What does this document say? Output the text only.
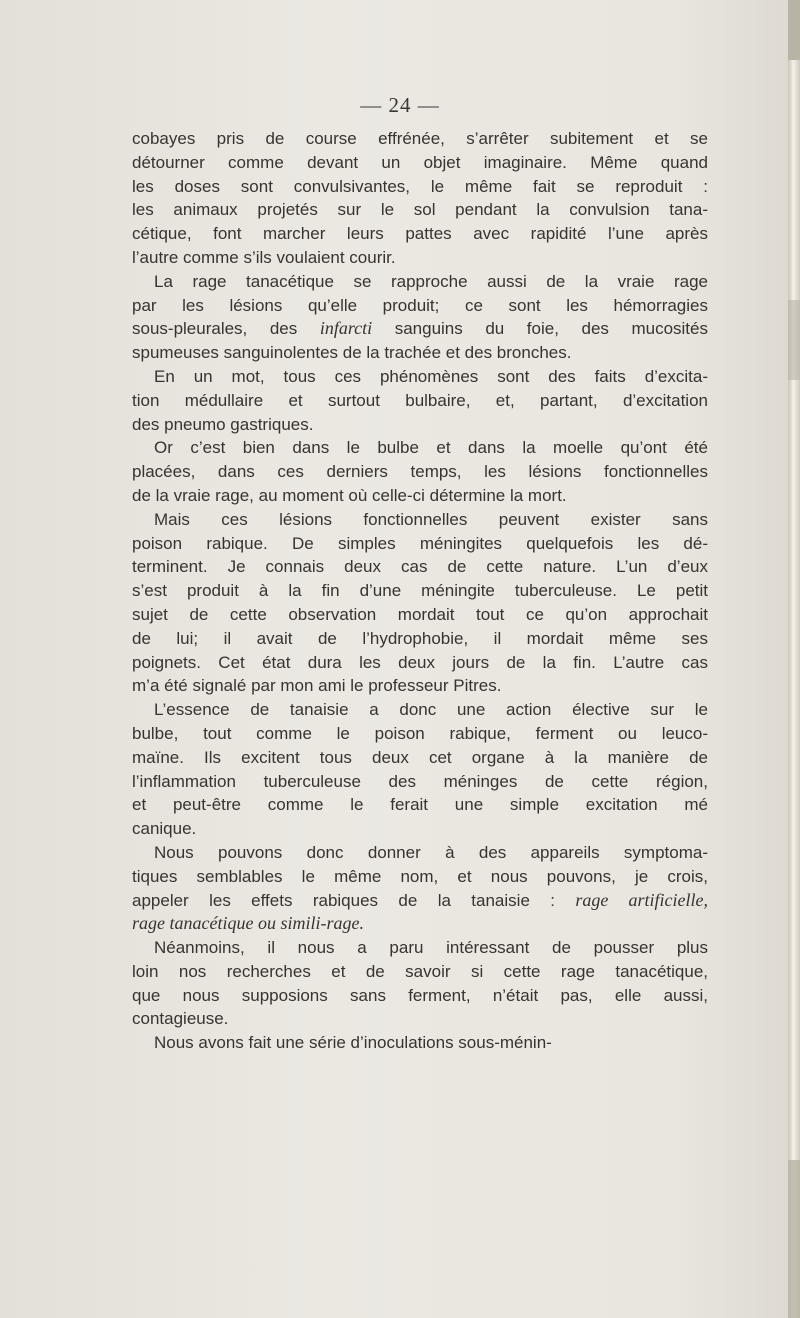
— 24 —
cobayes pris de course effrénée, s’arrêter subitement et se
détourner comme devant un objet imaginaire. Même quand
les doses sont convulsivantes, le même fait se reproduit :
les animaux projetés sur le sol pendant la convulsion tana-
cétique, font marcher leurs pattes avec rapidité l’une après
l’autre comme s’ils voulaient courir.
La rage tanacétique se rapproche aussi de la vraie rage
par les lésions qu’elle produit; ce sont les hémorragies
sous-pleurales, des infarcti sanguins du foie, des mucosités
spumeuses sanguinolentes de la trachée et des bronches.
En un mot, tous ces phénomènes sont des faits d’excita-
tion médullaire et surtout bulbaire, et, partant, d’excitation
des pneumo gastriques.
Or c’est bien dans le bulbe et dans la moelle qu’ont été
placées, dans ces derniers temps, les lésions fonctionnelles
de la vraie rage, au moment où celle-ci détermine la mort.
Mais ces lésions fonctionnelles peuvent exister sans
poison rabique. De simples méningites quelquefois les dé-
terminent. Je connais deux cas de cette nature. L’un d’eux
s’est produit à la fin d’une méningite tuberculeuse. Le petit
sujet de cette observation mordait tout ce qu’on approchait
de lui; il avait de l’hydrophobie, il mordait même ses
poignets. Cet état dura les deux jours de la fin. L’autre cas
m’a été signalé par mon ami le professeur Pitres.
L’essence de tanaisie a donc une action élective sur le
bulbe, tout comme le poison rabique, ferment ou leuco-
maïne. Ils excitent tous deux cet organe à la manière de
l’inflammation tuberculeuse des méninges de cette région,
et peut-être comme le ferait une simple excitation mé
canique.
Nous pouvons donc donner à des appareils symptoma-
tiques semblables le même nom, et nous pouvons, je crois,
appeler les effets rabiques de la tanaisie : rage artificielle,
rage tanacétique ou simili-rage.
Néanmoins, il nous a paru intéressant de pousser plus
loin nos recherches et de savoir si cette rage tanacétique,
que nous supposions sans ferment, n’était pas, elle aussi,
contagieuse.
Nous avons fait une série d’inoculations sous-ménin-
